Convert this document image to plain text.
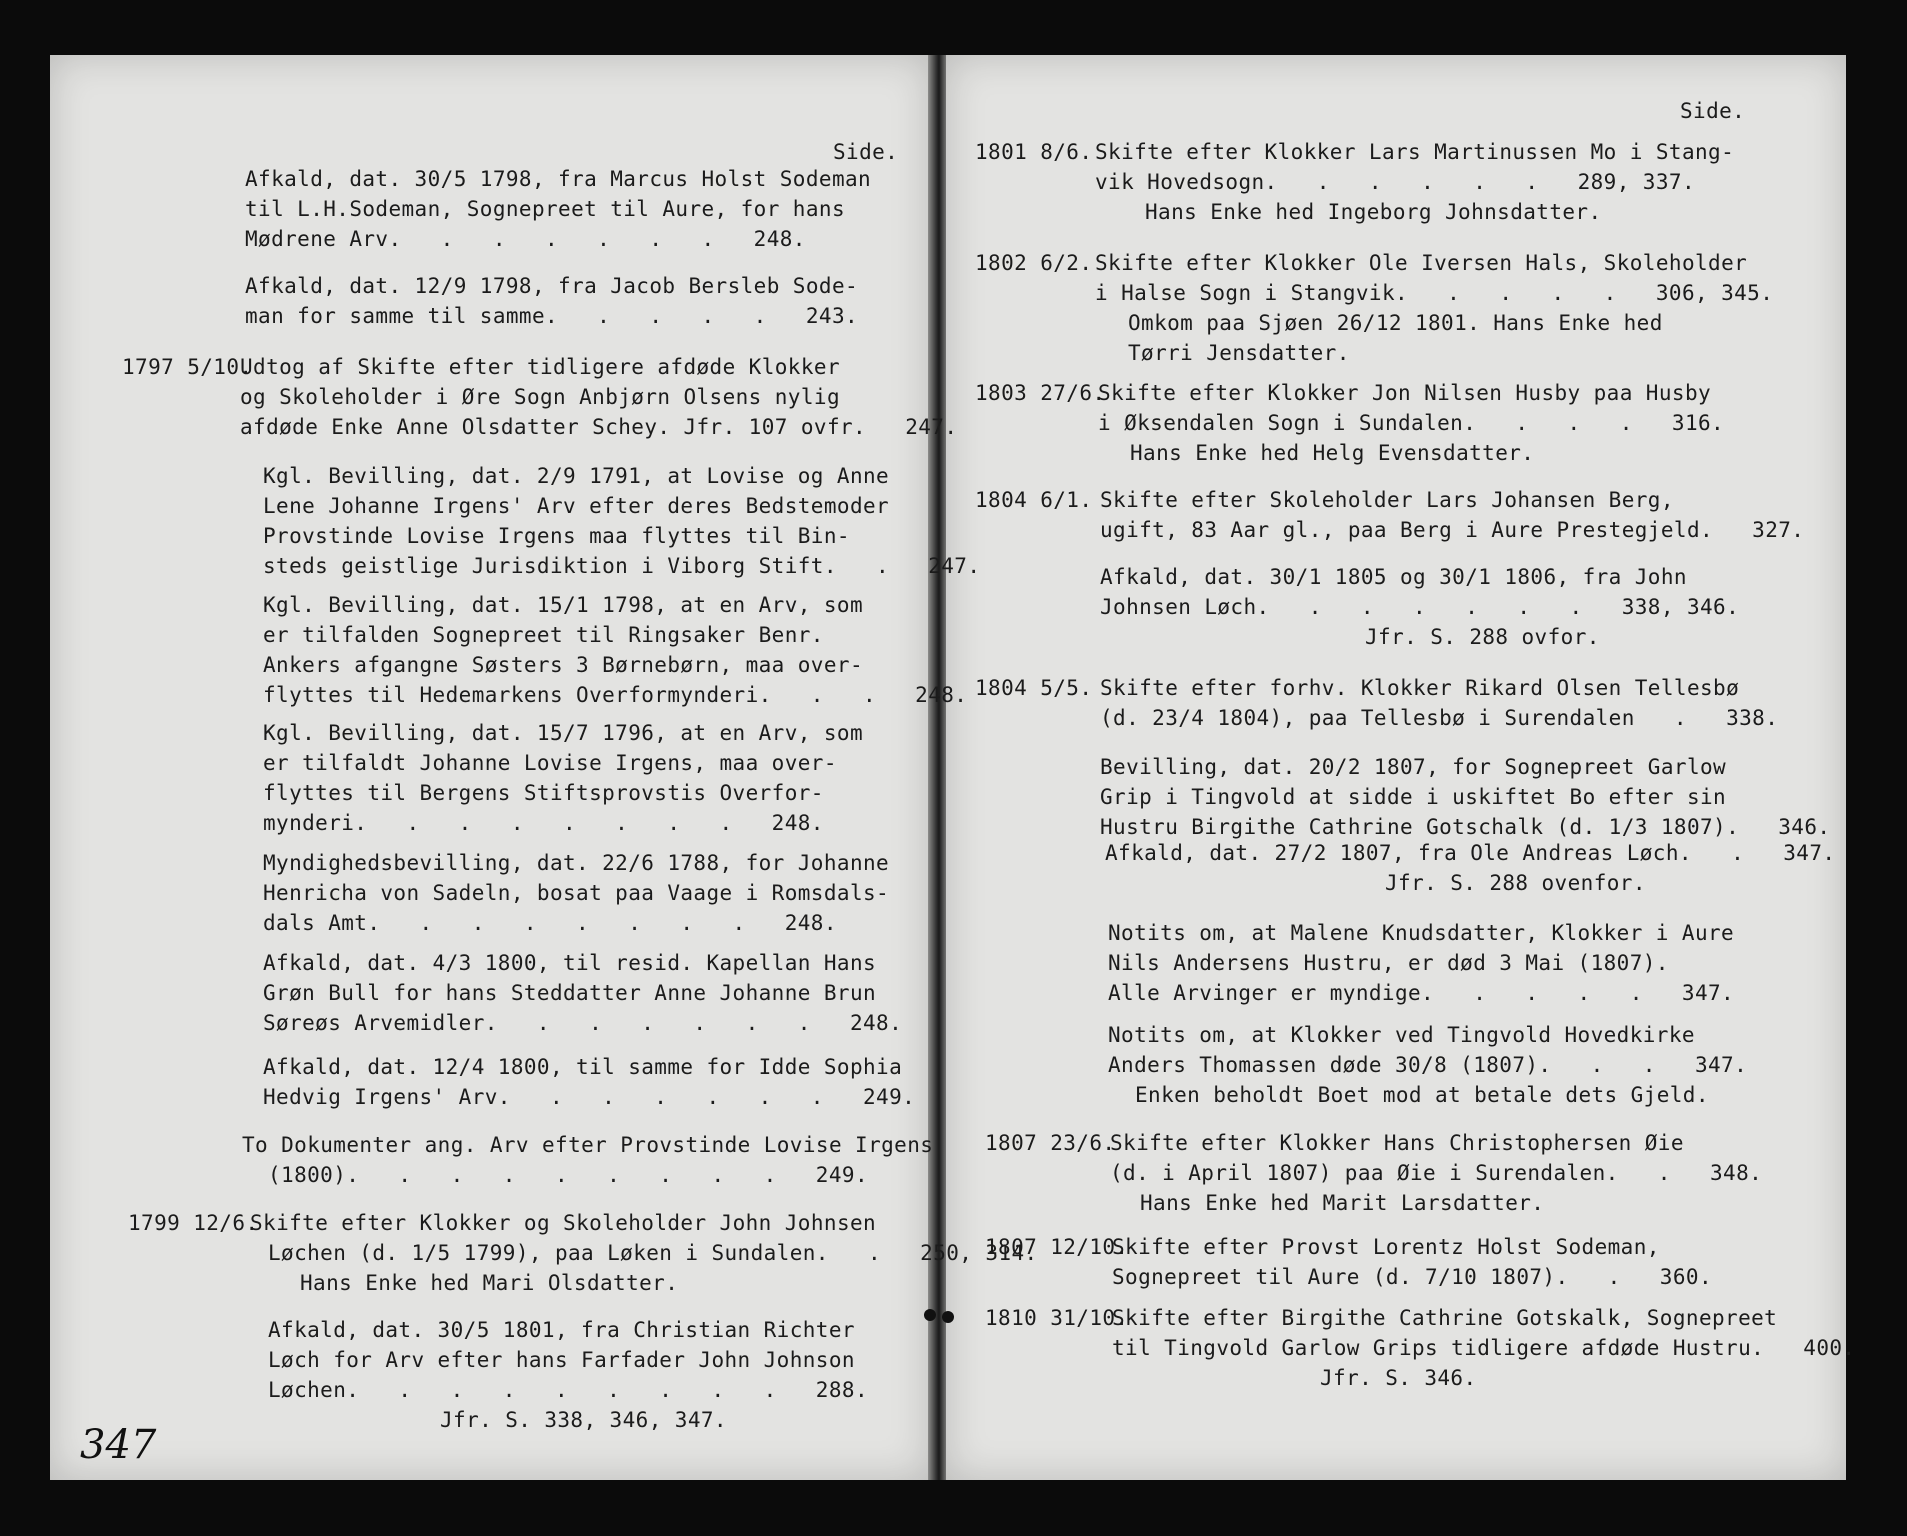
Side.

Afkald, dat. 30/5 1798, fra Marcus Holst Sodeman

til L.H.Sodeman, Sognepreet til Aure, for hans

Mødrene Arv.   .   .   .   .   .   .   248.

Afkald, dat. 12/9 1798, fra Jacob Bersleb Sode-

man for samme til samme.   .   .   .   .   243.

1797 5/10.

Udtog af Skifte efter tidligere afdøde Klokker

og Skoleholder i Øre Sogn Anbjørn Olsens nylig

afdøde Enke Anne Olsdatter Schey. Jfr. 107 ovfr.   247.

Kgl. Bevilling, dat. 2/9 1791, at Lovise og Anne

Lene Johanne Irgens' Arv efter deres Bedstemoder

Provstinde Lovise Irgens maa flyttes til Bin-

steds geistlige Jurisdiktion i Viborg Stift.   .   247.

Kgl. Bevilling, dat. 15/1 1798, at en Arv, som

er tilfalden Sognepreet til Ringsaker Benr.

Ankers afgangne Søsters 3 Børnebørn, maa over-

flyttes til Hedemarkens Overformynderi.   .   .   248.

Kgl. Bevilling, dat. 15/7 1796, at en Arv, som

er tilfaldt Johanne Lovise Irgens, maa over-

flyttes til Bergens Stiftsprovstis Overfor-

mynderi.   .   .   .   .   .   .   .   248.

Myndighedsbevilling, dat. 22/6 1788, for Johanne

Henricha von Sadeln, bosat paa Vaage i Romsdals-

dals Amt.   .   .   .   .   .   .   .   248.

Afkald, dat. 4/3 1800, til resid. Kapellan Hans

Grøn Bull for hans Steddatter Anne Johanne Brun

Søreøs Arvemidler.   .   .   .   .   .   .   248.

Afkald, dat. 12/4 1800, til samme for Idde Sophia

Hedvig Irgens' Arv.   .   .   .   .   .   .   249.

To Dokumenter ang. Arv efter Provstinde Lovise Irgens

(1800).   .   .   .   .   .   .   .   .   249.

1799 12/6.

Skifte efter Klokker og Skoleholder John Johnsen

Løchen (d. 1/5 1799), paa Løken i Sundalen.   .   250, 314.

Hans Enke hed Mari Olsdatter.

Afkald, dat. 30/5 1801, fra Christian Richter

Løch for Arv efter hans Farfader John Johnson

Løchen.   .   .   .   .   .   .   .   .   288.

Jfr. S. 338, 346, 347.

347

Side.

1801 8/6. Skifte efter Klokker Lars Martinussen Mo i Stang-

vik Hovedsogn.   .   .   .   .   .   289, 337.

Hans Enke hed Ingeborg Johnsdatter.

1802 6/2. Skifte efter Klokker Ole Iversen Hals, Skoleholder

i Halse Sogn i Stangvik.   .   .   .   .   306, 345.

Omkom paa Sjøen 26/12 1801. Hans Enke hed

Tørri Jensdatter.

1803 27/6.

Skifte efter Klokker Jon Nilsen Husby paa Husby

i Øksendalen Sogn i Sundalen.   .   .   .   316.

Hans Enke hed Helg Evensdatter.

1804 6/1. Skifte efter Skoleholder Lars Johansen Berg,

ugift, 83 Aar gl., paa Berg i Aure Prestegjeld.   327.

Afkald, dat. 30/1 1805 og 30/1 1806, fra John

Johnsen Løch.   .   .   .   .   .   .   338, 346.

Jfr. S. 288 ovfor.

1804 5/5. Skifte efter forhv. Klokker Rikard Olsen Tellesbø

(d. 23/4 1804), paa Tellesbø i Surendalen   .   338.

Bevilling, dat. 20/2 1807, for Sognepreet Garlow

Grip i Tingvold at sidde i uskiftet Bo efter sin

Hustru Birgithe Cathrine Gotschalk (d. 1/3 1807).   346.

Afkald, dat. 27/2 1807, fra Ole Andreas Løch.   .   347.

Jfr. S. 288 ovenfor.

Notits om, at Malene Knudsdatter, Klokker i Aure

Nils Andersens Hustru, er død 3 Mai (1807).

Alle Arvinger er myndige.   .   .   .   .   347.

Notits om, at Klokker ved Tingvold Hovedkirke

Anders Thomassen døde 30/8 (1807).   .   .   347.

Enken beholdt Boet mod at betale dets Gjeld.

1807 23/6.

Skifte efter Klokker Hans Christophersen Øie

(d. i April 1807) paa Øie i Surendalen.   .   348.

Hans Enke hed Marit Larsdatter.

1807 12/10.

Skifte efter Provst Lorentz Holst Sodeman,

Sognepreet til Aure (d. 7/10 1807).   .   360.

1810 31/10.

Skifte efter Birgithe Cathrine Gotskalk, Sognepreet

til Tingvold Garlow Grips tidligere afdøde Hustru.   400.

Jfr. S. 346.
